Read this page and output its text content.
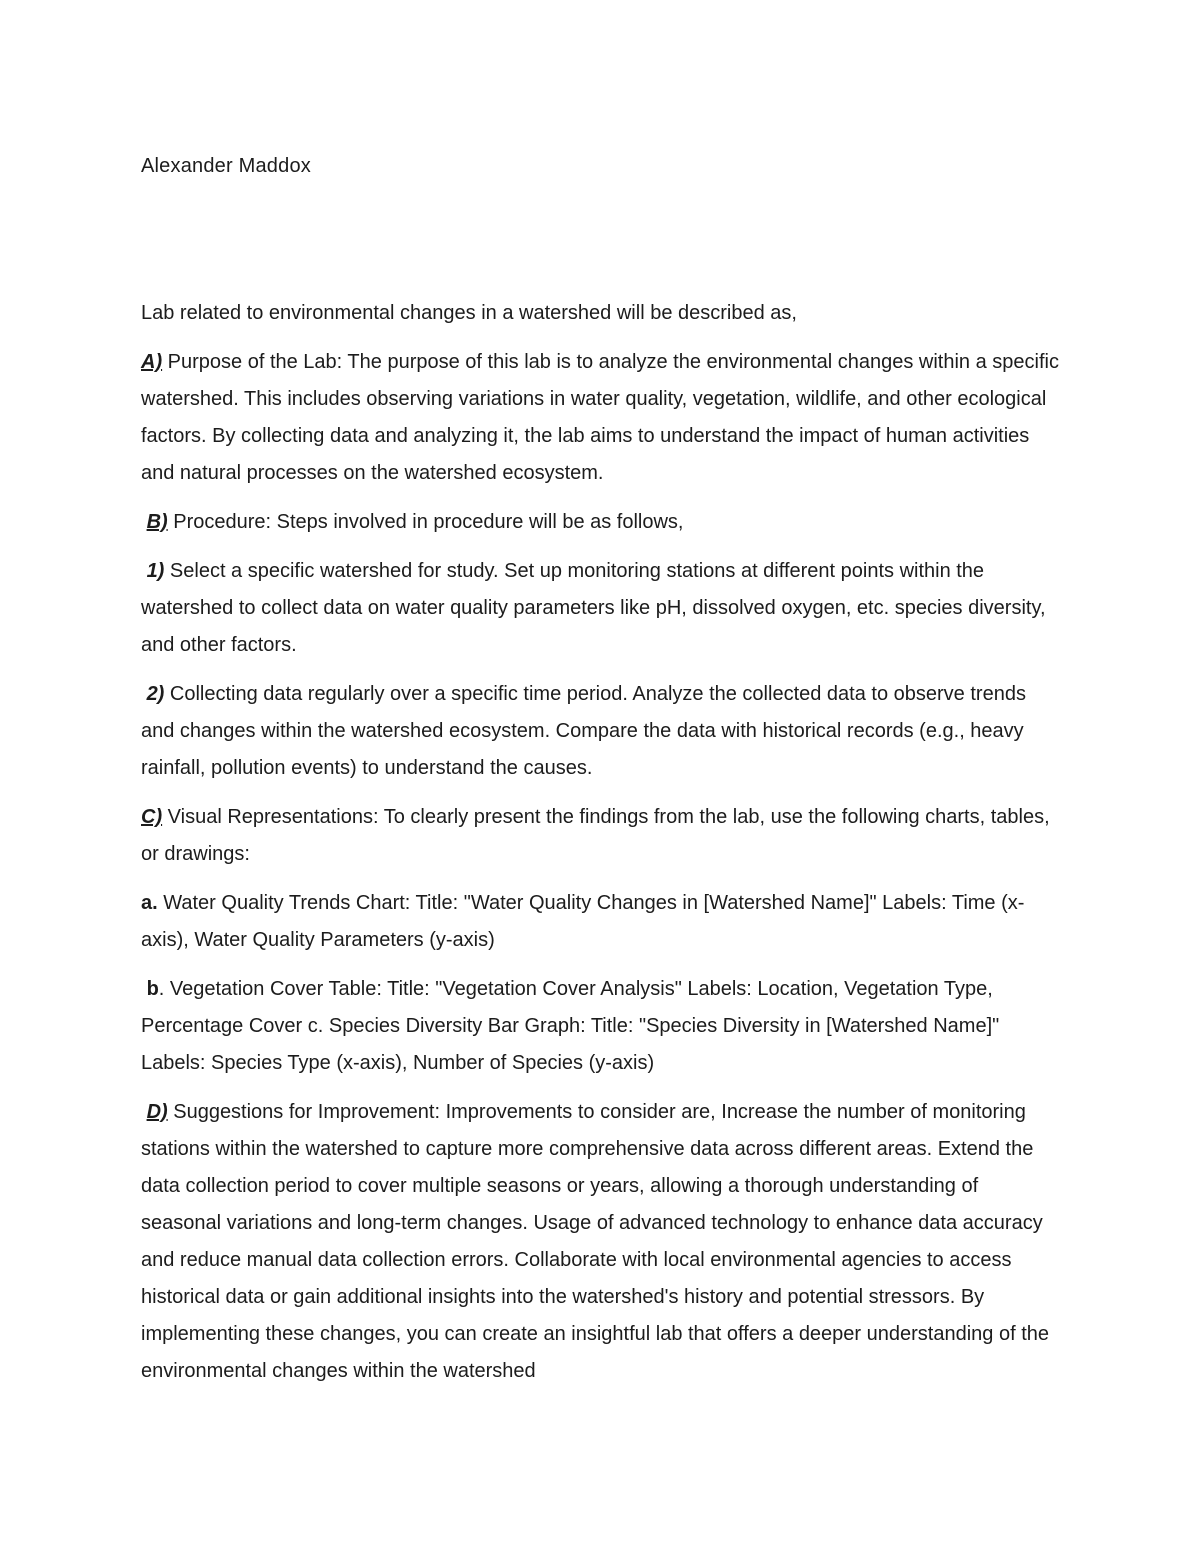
Alexander Maddox

Lab related to environmental changes in a watershed will be described as,

A) Purpose of the Lab: The purpose of this lab is to analyze the environmental changes within a specific watershed. This includes observing variations in water quality, vegetation, wildlife, and other ecological factors. By collecting data and analyzing it, the lab aims to understand the impact of human activities and natural processes on the watershed ecosystem.

B) Procedure: Steps involved in procedure will be as follows,

1) Select a specific watershed for study. Set up monitoring stations at different points within the watershed to collect data on water quality parameters like pH, dissolved oxygen, etc. species diversity, and other factors.

2) Collecting data regularly over a specific time period. Analyze the collected data to observe trends and changes within the watershed ecosystem. Compare the data with historical records (e.g., heavy rainfall, pollution events) to understand the causes.

C) Visual Representations: To clearly present the findings from the lab, use the following charts, tables, or drawings:

a. Water Quality Trends Chart: Title: "Water Quality Changes in [Watershed Name]" Labels: Time (x-axis), Water Quality Parameters (y-axis)

b. Vegetation Cover Table: Title: "Vegetation Cover Analysis" Labels: Location, Vegetation Type, Percentage Cover c. Species Diversity Bar Graph: Title: "Species Diversity in [Watershed Name]" Labels: Species Type (x-axis), Number of Species (y-axis)

D) Suggestions for Improvement: Improvements to consider are, Increase the number of monitoring stations within the watershed to capture more comprehensive data across different areas. Extend the data collection period to cover multiple seasons or years, allowing a thorough understanding of seasonal variations and long-term changes. Usage of advanced technology to enhance data accuracy and reduce manual data collection errors. Collaborate with local environmental agencies to access historical data or gain additional insights into the watershed's history and potential stressors. By implementing these changes, you can create an insightful lab that offers a deeper understanding of the environmental changes within the watershed
